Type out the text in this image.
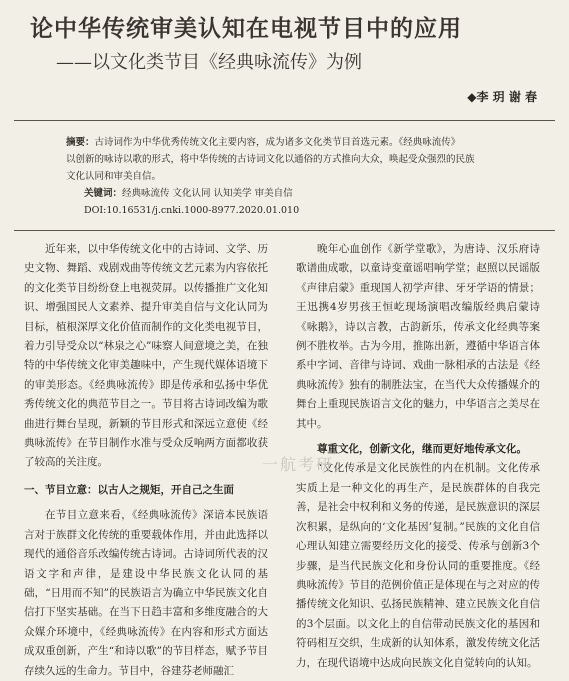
论中华传统审美认知在电视节目中的应用
——以文化类节目《经典咏流传》为例
◆李 玥 谢 春
摘要：古诗词作为中华优秀传统文化主要内容，成为诸多文化类节目首选元素。《经典咏流传》
以创新的咏诗以歌的形式，将中华传统的古诗词文化以通俗的方式推向大众，唤起受众强烈的民族
文化认同和审美自信。
关键词：经典咏流传 文化认同 认知美学 审美自信
DOI:10.16531/j.cnki.1000-8977.2020.01.010

近年来，以中华传统文化中的古诗词、文学、历史文物、舞蹈、戏剧戏曲等传统文艺元素为内容依托的文化类节目纷纷登上电视荧屏。以传播推广文化知识、增强国民人文素养、提升审美自信与文化认同为目标，植根深厚文化价值而制作的文化类电视节目，着力引导受众以“林泉之心”味察人间意境之美，在独特的中华传统文化审美趣味中，产生现代媒体语境下的审美形态。《经典咏流传》即是传承和弘扬中华优秀传统文化的典范节目之一。节目将古诗词改编为歌曲进行舞台呈现，新颖的节目形式和深远立意使《经典咏流传》在节目制作水准与受众反响两方面都收获了较高的关注度。

一、节目立意：以古人之规矩，开自己之生面

在节目立意来看，《经典咏流传》深谙本民族语言对于族群文化传统的重要载体作用，并由此选择以现代的通俗音乐改编传统古诗词。古诗词所代表的汉语文字和声律，是建设中华民族文化认同的基础，“日用而不知”的民族语言为确立中华民族文化自信打下坚实基础。在当下日趋丰富和多维度融合的大众媒介环境中，《经典咏流传》在内容和形式方面达成双重创新，产生“和诗以歌”的节目样态，赋予节目存续久远的生命力。节目中，谷建芬老师融汇

晚年心血创作《新学堂歌》，为唐诗、汉乐府诗歌谱曲成歌，以童诗变童谣唱响学堂；赵照以民谣版《声律启蒙》重现国人初学声律、牙牙学语的情景；王迅携4岁男孩王恒屹现场演唱改编版经典启蒙诗《咏鹅》，诗以言教，古韵新乐，传承文化经典等案例不胜枚举。古为今用，推陈出新，遵循中华语言体系中字词、音律与诗词、戏曲一脉相承的古法是《经典咏流传》独有的制胜法宝，在当代大众传播媒介的舞台上重现民族语言文化的魅力，中华语言之美尽在其中。

尊重文化，创新文化，继而更好地传承文化。

“文化传承是文化民族性的内在机制。文化传承实质上是一种文化的再生产，是民族群体的自我完善，是社会中权利和义务的传递，是民族意识的深层次积累，是纵向的‘文化基因’复制。”民族的文化自信心理认知建立需要经历文化的接受、传承与创新3个步骤，是当代民族文化和身份认同的重要推度。《经典咏流传》节目的范例价值正是体现在与之对应的传播传统文化知识、弘扬民族精神、建立民族文化自信的3个层面。以文化上的自信带动民族文化的基因和符码相互交织，生成新的认知体系，激发传统文化活力，在现代语境中达成向民族文化自觉转向的认知。

一航考研
